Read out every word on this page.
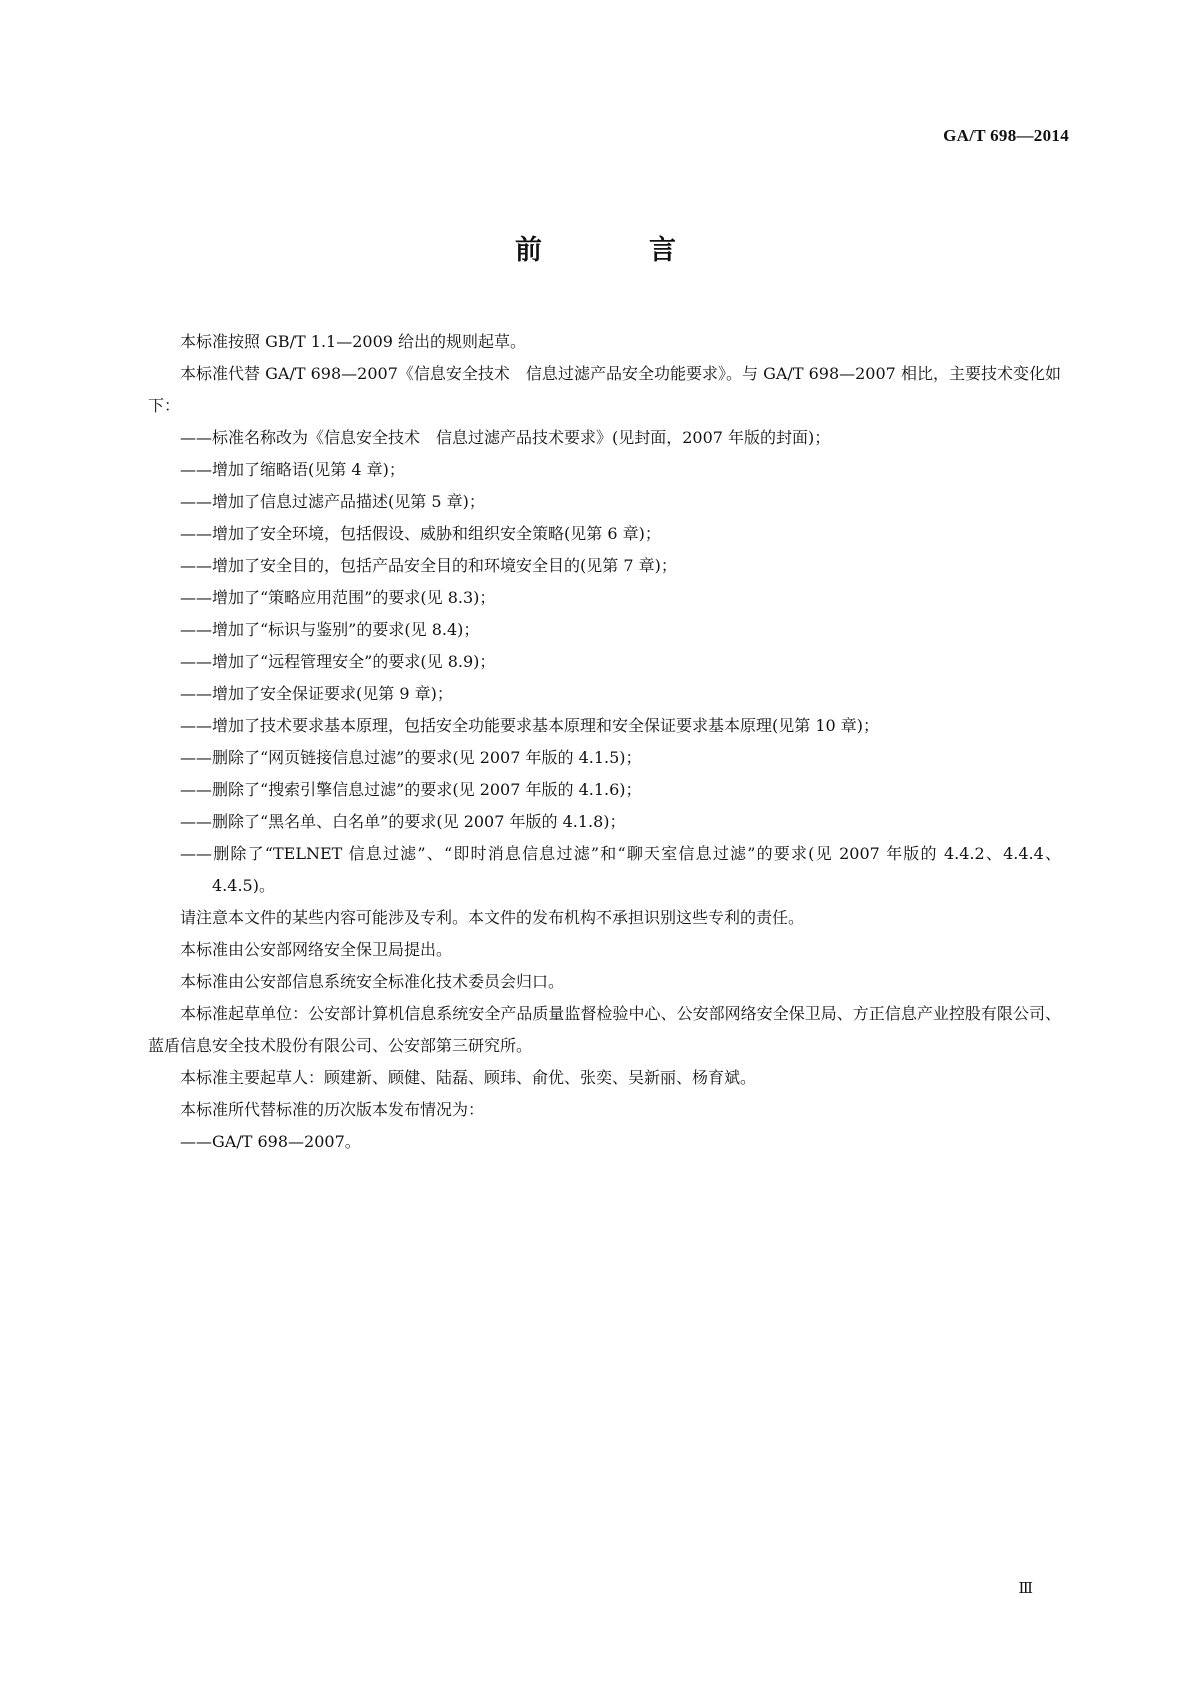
GA/T 698—2014
前　言

本标准按照 GB/T 1.1—2009 给出的规则起草。

本标准代替 GA/T 698—2007《信息安全技术　信息过滤产品安全功能要求》。与 GA/T 698—2007 相比，主要技术变化如下：

——标准名称改为《信息安全技术　信息过滤产品技术要求》(见封面，2007 年版的封面)；

——增加了缩略语(见第 4 章)；

——增加了信息过滤产品描述(见第 5 章)；

——增加了安全环境，包括假设、威胁和组织安全策略(见第 6 章)；

——增加了安全目的，包括产品安全目的和环境安全目的(见第 7 章)；

——增加了“策略应用范围”的要求(见 8.3)；

——增加了“标识与鉴别”的要求(见 8.4)；

——增加了“远程管理安全”的要求(见 8.9)；

——增加了安全保证要求(见第 9 章)；

——增加了技术要求基本原理，包括安全功能要求基本原理和安全保证要求基本原理(见第 10 章)；

——删除了“网页链接信息过滤”的要求(见 2007 年版的 4.1.5)；

——删除了“搜索引擎信息过滤”的要求(见 2007 年版的 4.1.6)；

——删除了“黑名单、白名单”的要求(见 2007 年版的 4.1.8)；

——删除了“TELNET 信息过滤”、“即时消息信息过滤”和“聊天室信息过滤”的要求(见 2007 年版的 4.4.2、4.4.4、4.4.5)。

请注意本文件的某些内容可能涉及专利。本文件的发布机构不承担识别这些专利的责任。

本标准由公安部网络安全保卫局提出。

本标准由公安部信息系统安全标准化技术委员会归口。

本标准起草单位：公安部计算机信息系统安全产品质量监督检验中心、公安部网络安全保卫局、方正信息产业控股有限公司、蓝盾信息安全技术股份有限公司、公安部第三研究所。

本标准主要起草人：顾建新、顾健、陆磊、顾玮、俞优、张奕、吴新丽、杨育斌。

本标准所代替标准的历次版本发布情况为：

——GA/T 698—2007。

Ⅲ
